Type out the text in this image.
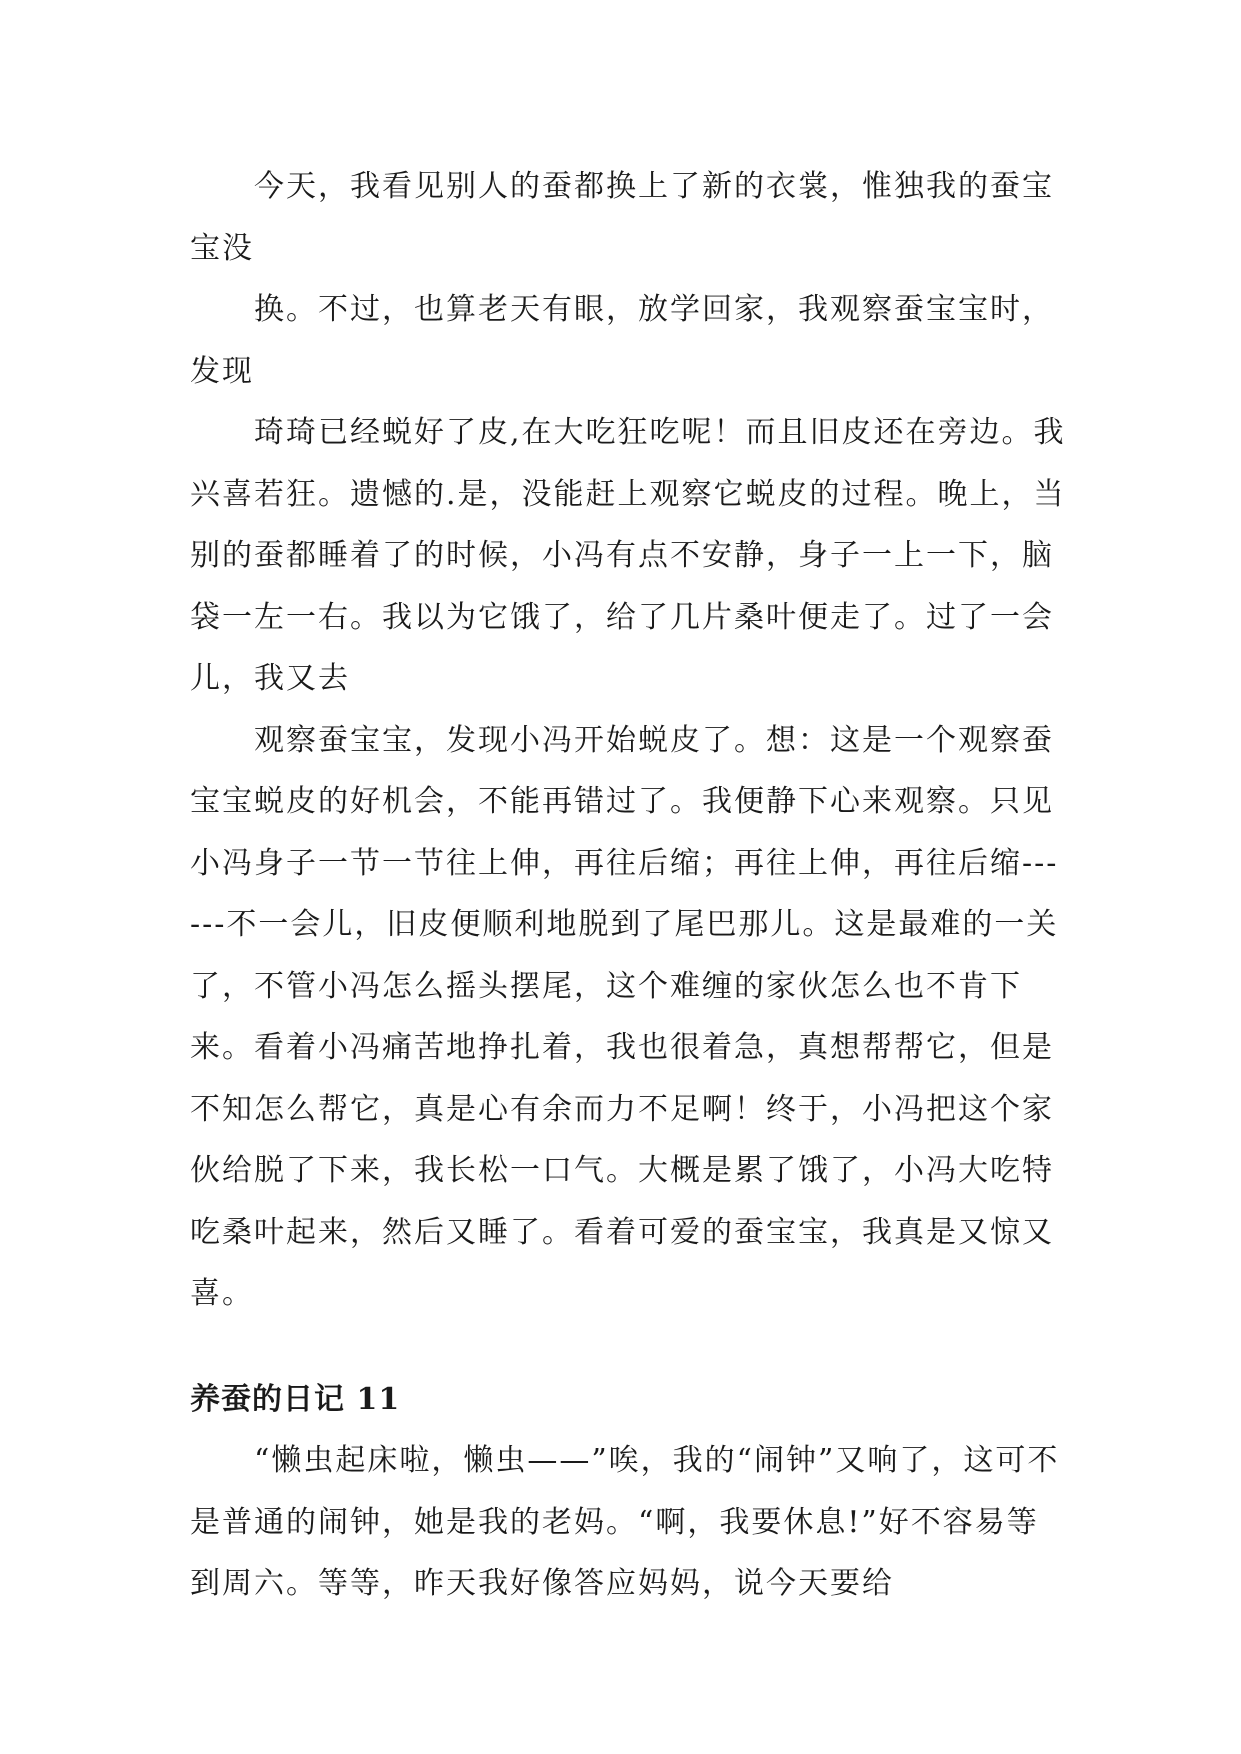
今天，我看见别人的蚕都换上了新的衣裳，惟独我的蚕宝宝没

换。不过，也算老天有眼，放学回家，我观察蚕宝宝时，发现

琦琦已经蜕好了皮,在大吃狂吃呢！而且旧皮还在旁边。我兴喜若狂。遗憾的.是，没能赶上观察它蜕皮的过程。晚上，当别的蚕都睡着了的时候，小冯有点不安静，身子一上一下，脑袋一左一右。我以为它饿了，给了几片桑叶便走了。过了一会儿，我又去

观察蚕宝宝，发现小冯开始蜕皮了。想：这是一个观察蚕宝宝蜕皮的好机会，不能再错过了。我便静下心来观察。只见小冯身子一节一节往上伸，再往后缩；再往上伸，再往后缩------不一会儿，旧皮便顺利地脱到了尾巴那儿。这是最难的一关了，不管小冯怎么摇头摆尾，这个难缠的家伙怎么也不肯下来。看着小冯痛苦地挣扎着，我也很着急，真想帮帮它，但是不知怎么帮它，真是心有余而力不足啊！终于，小冯把这个家伙给脱了下来，我长松一口气。大概是累了饿了，小冯大吃特吃桑叶起来，然后又睡了。看着可爱的蚕宝宝，我真是又惊又喜。

养蚕的日记 11

“懒虫起床啦，懒虫——”唉，我的“闹钟”又响了，这可不是普通的闹钟，她是我的老妈。“啊，我要休息!”好不容易等到周六。等等，昨天我好像答应妈妈，说今天要给
